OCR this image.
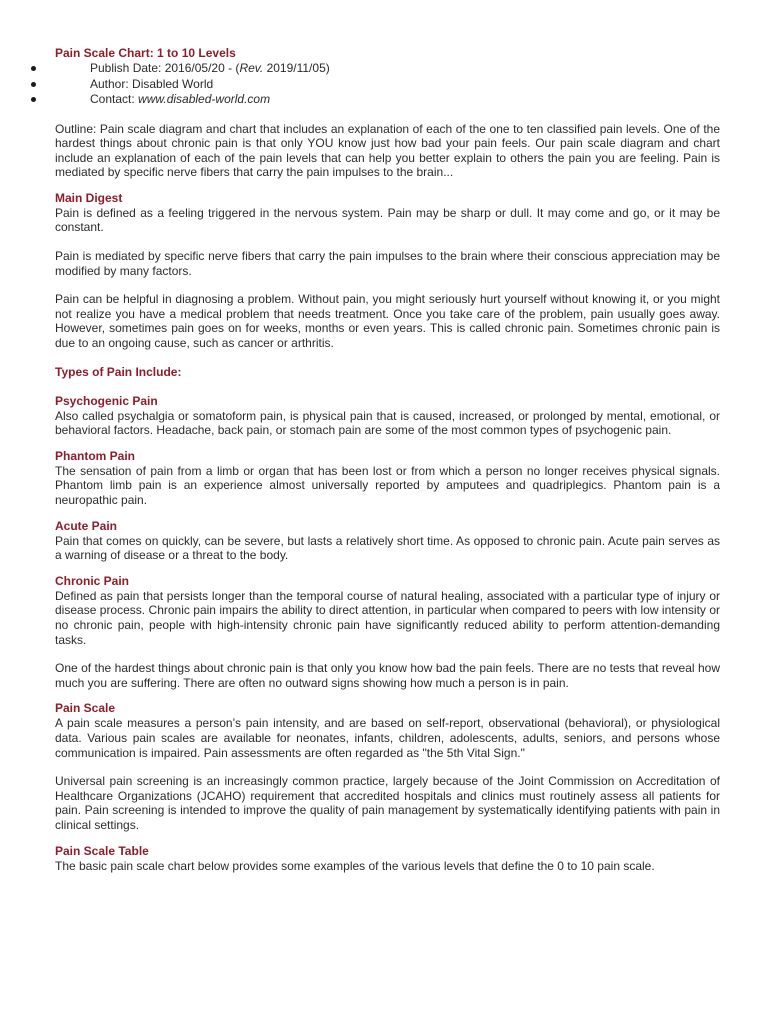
Pain Scale Chart: 1 to 10 Levels
Publish Date: 2016/05/20 - (Rev. 2019/11/05)
Author: Disabled World
Contact: www.disabled-world.com

Outline: Pain scale diagram and chart that includes an explanation of each of the one to ten classified pain levels. One of the hardest things about chronic pain is that only YOU know just how bad your pain feels. Our pain scale diagram and chart include an explanation of each of the pain levels that can help you better explain to others the pain you are feeling. Pain is mediated by specific nerve fibers that carry the pain impulses to the brain...

Main Digest

Pain is defined as a feeling triggered in the nervous system. Pain may be sharp or dull. It may come and go, or it may be constant.

Pain is mediated by specific nerve fibers that carry the pain impulses to the brain where their conscious appreciation may be modified by many factors.

Pain can be helpful in diagnosing a problem. Without pain, you might seriously hurt yourself without knowing it, or you might not realize you have a medical problem that needs treatment. Once you take care of the problem, pain usually goes away. However, sometimes pain goes on for weeks, months or even years. This is called chronic pain. Sometimes chronic pain is due to an ongoing cause, such as cancer or arthritis.

Types of Pain Include:
Psychogenic Pain

Also called psychalgia or somatoform pain, is physical pain that is caused, increased, or prolonged by mental, emotional, or behavioral factors. Headache, back pain, or stomach pain are some of the most common types of psychogenic pain.

Phantom Pain

The sensation of pain from a limb or organ that has been lost or from which a person no longer receives physical signals. Phantom limb pain is an experience almost universally reported by amputees and quadriplegics. Phantom pain is a neuropathic pain.

Acute Pain

Pain that comes on quickly, can be severe, but lasts a relatively short time. As opposed to chronic pain. Acute pain serves as a warning of disease or a threat to the body.

Chronic Pain

Defined as pain that persists longer than the temporal course of natural healing, associated with a particular type of injury or disease process. Chronic pain impairs the ability to direct attention, in particular when compared to peers with low intensity or no chronic pain, people with high-intensity chronic pain have significantly reduced ability to perform attention-demanding tasks.

One of the hardest things about chronic pain is that only you know how bad the pain feels. There are no tests that reveal how much you are suffering. There are often no outward signs showing how much a person is in pain.

Pain Scale

A pain scale measures a person’s pain intensity, and are based on self-report, observational (behavioral), or physiological data. Various pain scales are available for neonates, infants, children, adolescents, adults, seniors, and persons whose communication is impaired. Pain assessments are often regarded as "the 5th Vital Sign."

Universal pain screening is an increasingly common practice, largely because of the Joint Commission on Accreditation of Healthcare Organizations (JCAHO) requirement that accredited hospitals and clinics must routinely assess all patients for pain. Pain screening is intended to improve the quality of pain management by systematically identifying patients with pain in clinical settings.

Pain Scale Table

The basic pain scale chart below provides some examples of the various levels that define the 0 to 10 pain scale.
